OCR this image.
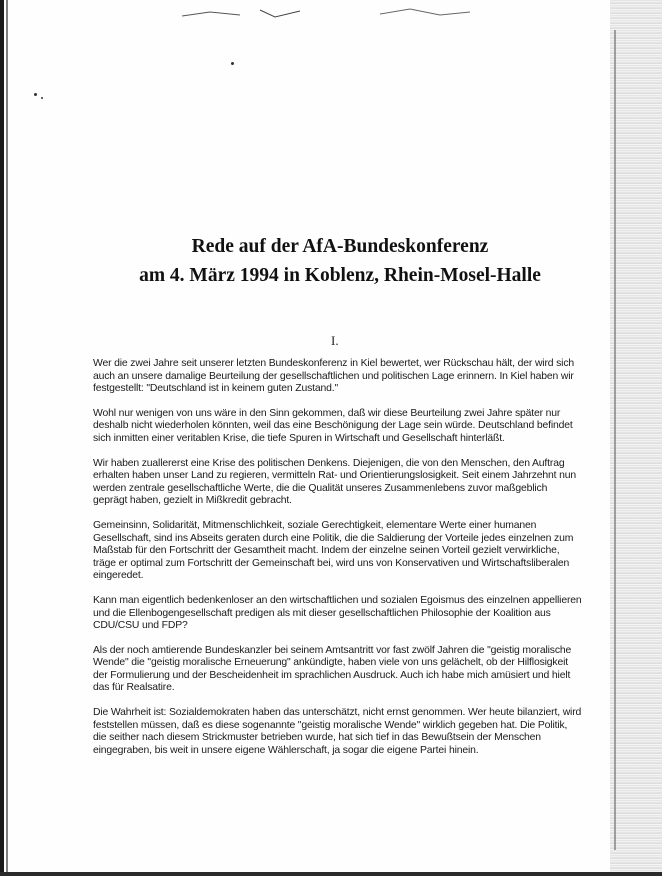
Rede auf der AfA-Bundeskonferenz
am 4. März 1994 in Koblenz, Rhein-Mosel-Halle
I.

Wer die zwei Jahre seit unserer letzten Bundeskonferenz in Kiel bewertet, wer Rückschau hält, der wird sich auch an unsere damalige Beurteilung der gesellschaftlichen und politischen Lage erinnern. In Kiel haben wir festgestellt: "Deutschland ist in keinem guten Zustand."

Wohl nur wenigen von uns wäre in den Sinn gekommen, daß wir diese Beurteilung zwei Jahre später nur deshalb nicht wiederholen könnten, weil das eine Beschönigung der Lage sein würde. Deutschland befindet sich inmitten einer veritablen Krise, die tiefe Spuren in Wirtschaft und Gesellschaft hinterläßt.

Wir haben zuallererst eine Krise des politischen Denkens. Diejenigen, die von den Menschen, den Auftrag erhalten haben unser Land zu regieren, vermitteln Rat- und Orientierungslosigkeit. Seit einem Jahrzehnt nun werden zentrale gesellschaftliche Werte, die die Qualität unseres Zusammenlebens zuvor maßgeblich geprägt haben, gezielt in Mißkredit gebracht.

Gemeinsinn, Solidarität, Mitmenschlichkeit, soziale Gerechtigkeit, elementare Werte einer humanen Gesellschaft, sind ins Abseits geraten durch eine Politik, die die Saldierung der Vorteile jedes einzelnen zum Maßstab für den Fortschritt der Gesamtheit macht. Indem der einzelne seinen Vorteil gezielt verwirkliche, träge er optimal zum Fortschritt der Gemeinschaft bei, wird uns von Konservativen und Wirtschaftsliberalen eingeredet.

Kann man eigentlich bedenkenloser an den wirtschaftlichen und sozialen Egoismus des einzelnen appellieren und die Ellenbogengesellschaft predigen als mit dieser gesellschaftlichen Philosophie der Koalition aus CDU/CSU und FDP?

Als der noch amtierende Bundeskanzler bei seinem Amtsantritt vor fast zwölf Jahren die "geistig moralische Wende" die "geistig moralische Erneuerung" ankündigte, haben viele von uns gelächelt, ob der Hilflosigkeit der Formulierung und der Bescheidenheit im sprachlichen Ausdruck. Auch ich habe mich amüsiert und hielt das für Realsatire.

Die Wahrheit ist: Sozialdemokraten haben das unterschätzt, nicht ernst genommen. Wer heute bilanziert, wird feststellen müssen, daß es diese sogenannte "geistig moralische Wende" wirklich gegeben hat. Die Politik, die seither nach diesem Strickmuster betrieben wurde, hat sich tief in das Bewußtsein der Menschen eingegraben, bis weit in unsere eigene Wählerschaft, ja sogar die eigene Partei hinein.
